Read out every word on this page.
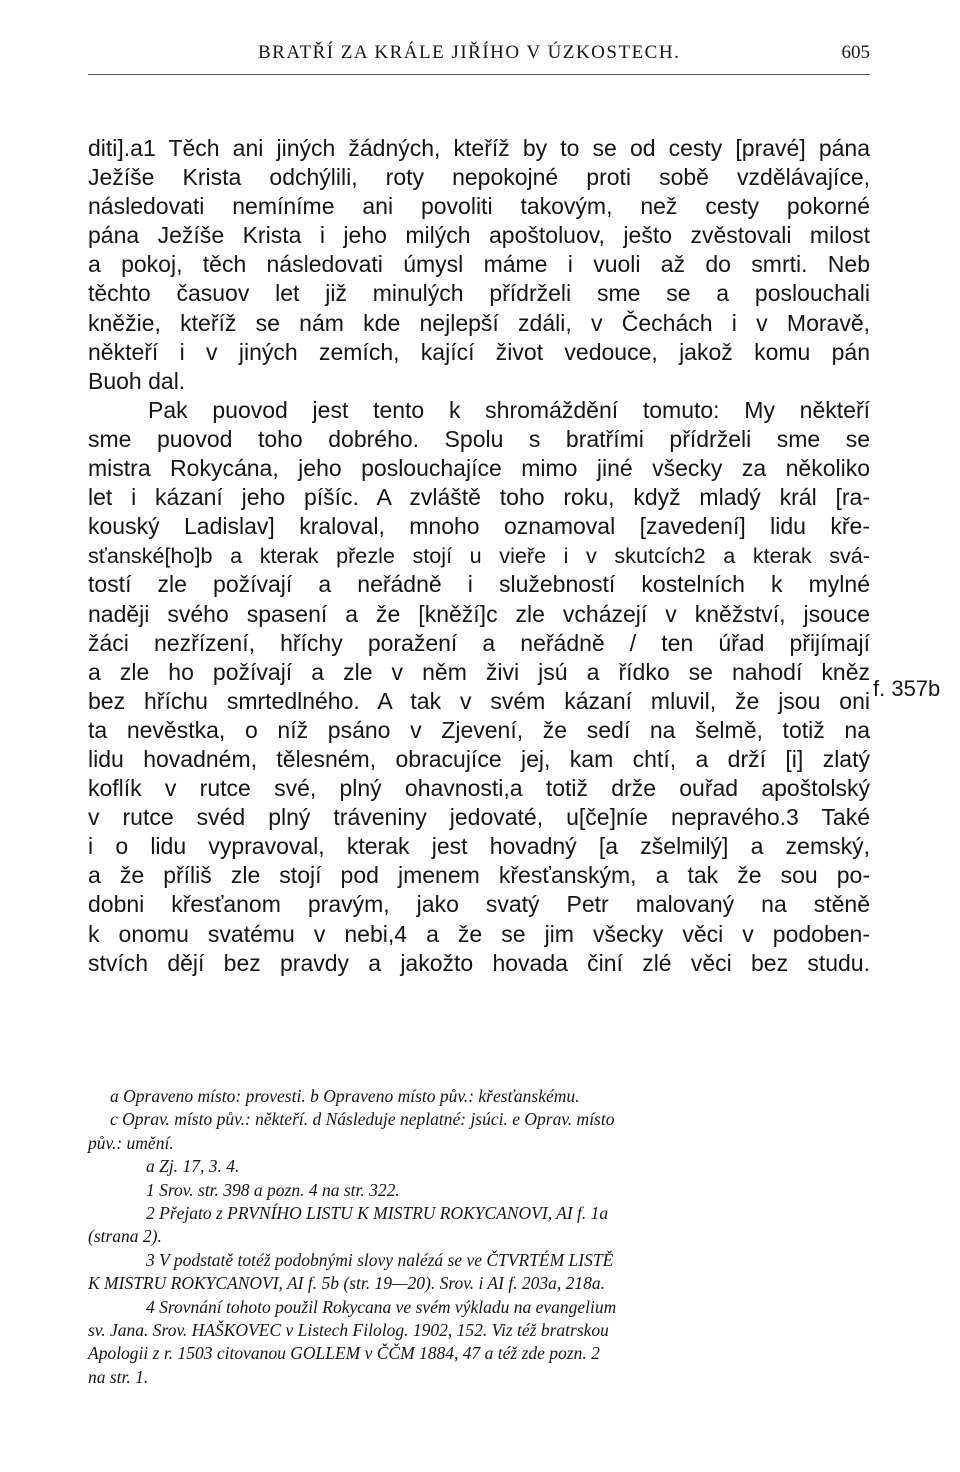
BRATŘÍ ZA KRÁLE JIŘÍHO V ÚZKOSTECH.	605
diti].a1 Těch ani jiných žádných, kteříž by to se od cesty [pravé] pána
Ježíše Krista odchýlili, roty nepokojné proti sobě vzdělávajíce,
následovati nemíníme ani povoliti takovým, než cesty pokorné
pána Ježíše Krista i jeho milých apoštoluov, ješto zvěstovali milost
a pokoj, těch následovati úmysl máme i vuoli až do smrti. Neb
těchto časuov let již minulých přídrželi sme se a poslouchali
kněžie, kteříž se nám kde nejlepší zdáli, v Čechách i v Moravě,
někteří i v jiných zemích, kající život vedouce, jakož komu pán
Buoh dal.
Pak puovod jest tento k shromáždění tomuto: My někteří
sme puovod toho dobrého. Spolu s bratřími přídrželi sme se
mistra Rokycána, jeho poslouchajíce mimo jiné všecky za několiko
let i kázaní jeho píšíc. A zvláště toho roku, když mladý král [ra-
kouský Ladislav] kraloval, mnoho oznamoval [zavedení] lidu kře-
sťanské[ho]b a kterak přezle stojí u vieře i v skutcích2 a kterak svá-
tostí zle požívají a neřádně i služebností kostelních k mylné
naději svého spasení a že [kněží]c zle vcházejí v kněžství, jsouce
žáci nezřízení, hříchy poražení a neřádně / ten úřad přijímají
a zle ho požívají a zle v něm živi jsú a řídko se nahodí kněz
bez hříchu smrtedlného. A tak v svém kázaní mluvil, že jsou oni
ta nevěstka, o níž psáno v Zjevení, že sedí na šelmě, totiž na
lidu hovadném, tělesném, obracujíce jej, kam chtí, a drží [i] zlatý
koflík v rutce své, plný ohavnosti,a totiž drže ouřad apoštolský
v rutce svéd plný tráveniny jedovaté, u[če]níe nepravého.3 Také
i o lidu vypravoval, kterak jest hovadný [a zšelmilý] a zemský,
a že příliš zle stojí pod jmenem křesťanským, a tak že sou po-
dobni křesťanom pravým, jako svatý Petr malovaný na stěně
k onomu svatému v nebi,4 a že se jim všecky věci v podoben-
stvích dějí bez pravdy a jakožto hovada činí zlé věci bez studu.
f. 357b
a Opraveno místo: provesti. b Opraveno místo pův.: křesťanskému.
c Oprav. místo pův.: někteří. d Následuje neplatné: jsúci. e Oprav. místo
pův.: umění.
a Zj. 17, 3. 4.
1 Srov. str. 398 a pozn. 4 na str. 322.
2 Přejato z PRVNÍHO LISTU K MISTRU ROKYCANOVI, AI f. 1a
(strana 2).
3 V podstatě totéž podobnými slovy nalézá se ve ČTVRTÉM LISTĚ
K MISTRU ROKYCANOVI, AI f. 5b (str. 19—20). Srov. i AI f. 203a, 218a.
4 Srovnání tohoto použil Rokycana ve svém výkladu na evangelium
sv. Jana. Srov. HAŠKOVEC v Listech Filolog. 1902, 152. Viz též bratrskou
Apologii z r. 1503 citovanou GOLLEM v ČČM 1884, 47 a též zde pozn. 2
na str. 1.
